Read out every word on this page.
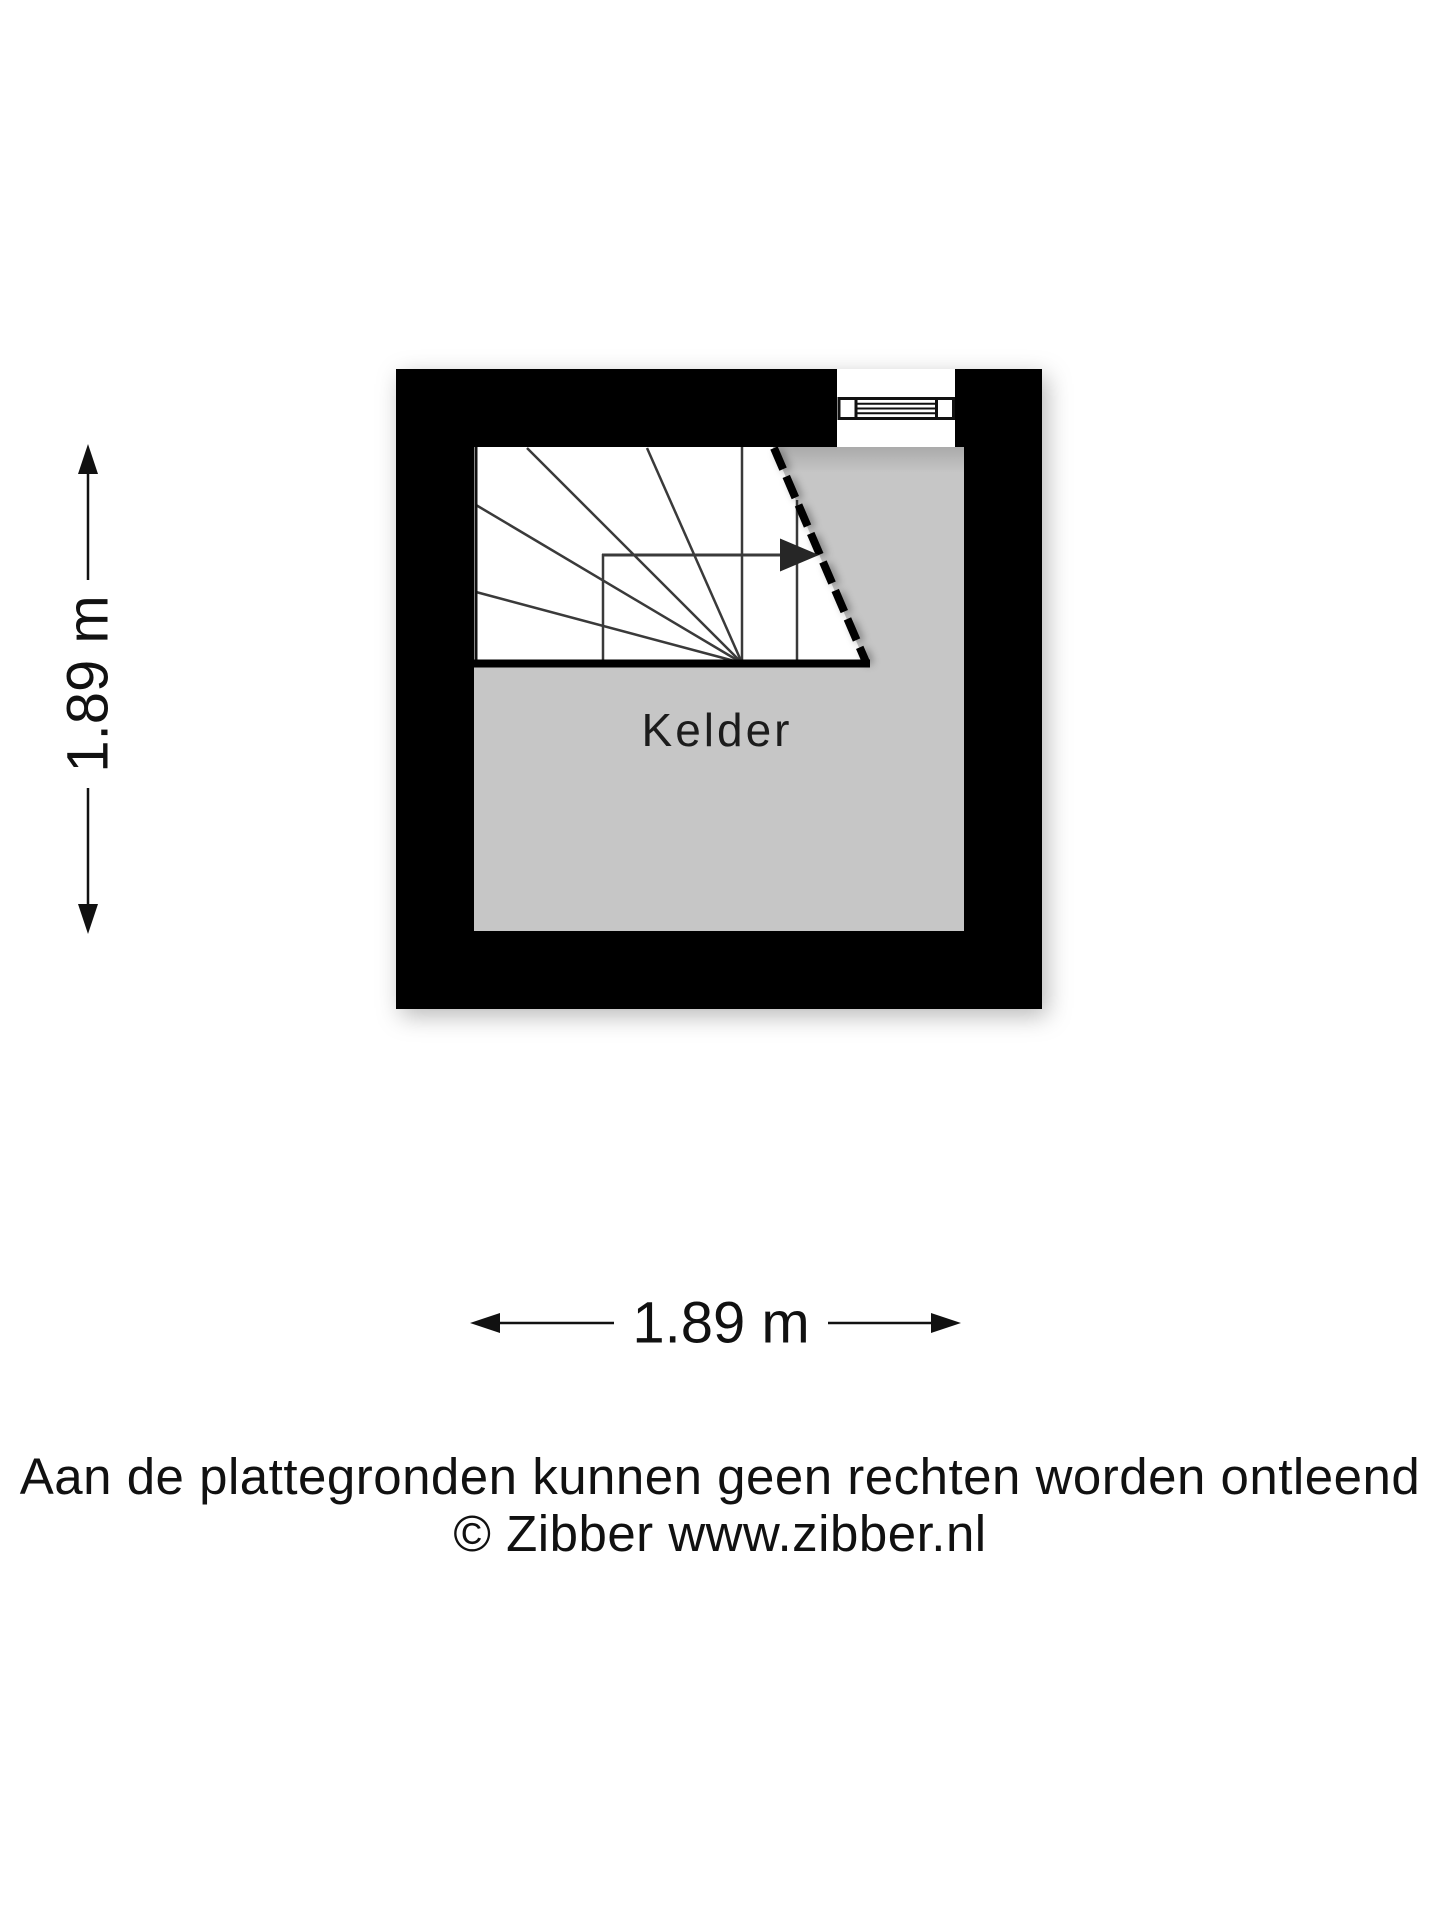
Kelder
1.89 m
1.89 m
Aan de plattegronden kunnen geen rechten worden ontleend
© Zibber www.zibber.nl
